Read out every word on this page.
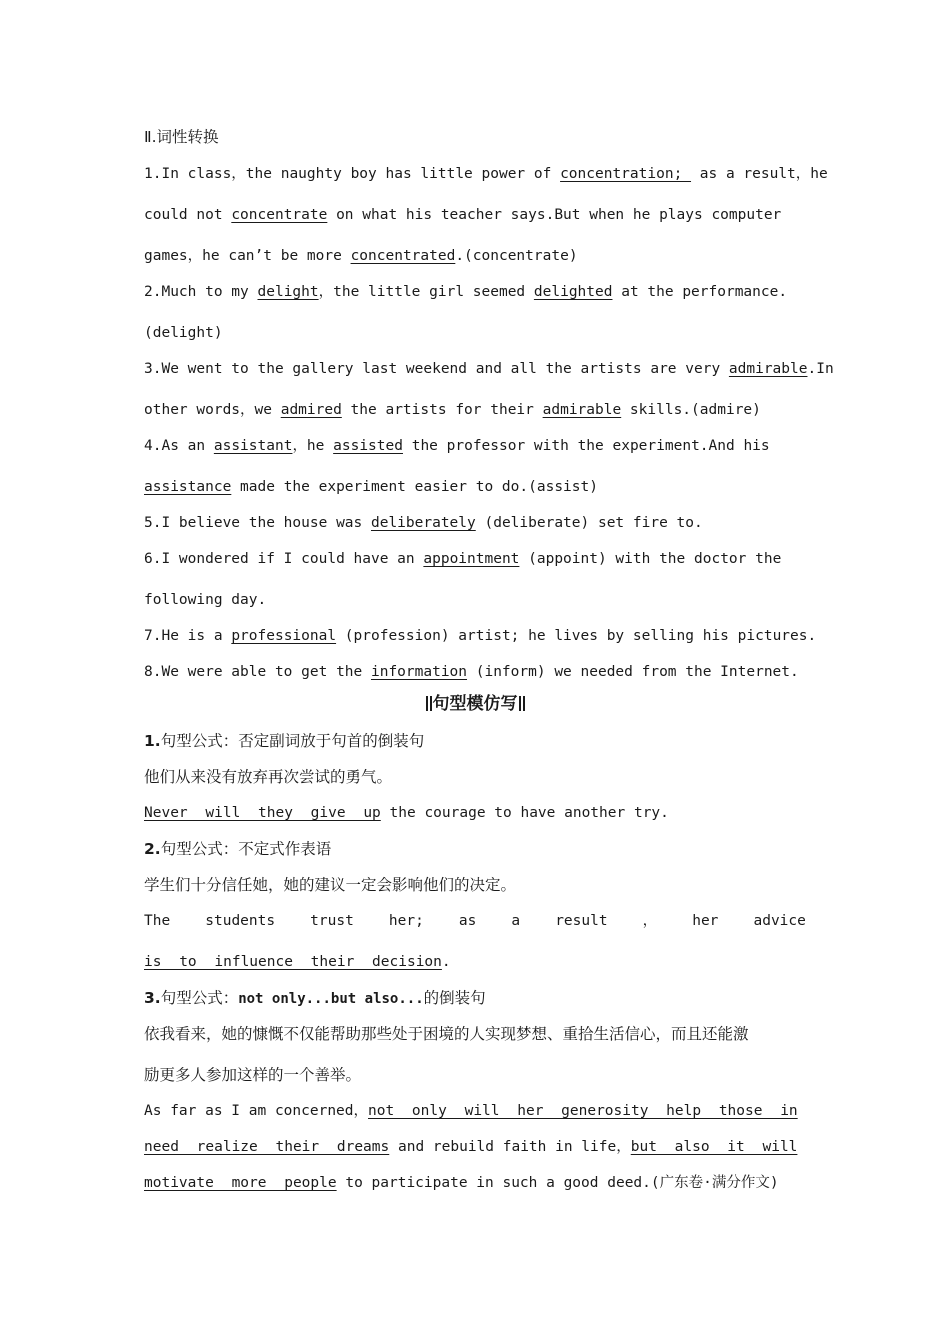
Ⅱ.词性转换
1.In class，the naughty boy has little power of concentration;  as a result，he
could not concentrate on what his teacher says.But when he plays computer
games，he can’t be more concentrated.(concentrate)
2.Much to my delight，the little girl seemed delighted at the performance.
(delight)
3.We went to the gallery last weekend and all the artists are very admirable.In
other words，we admired the artists for their admirable skills.(admire)
4.As an assistant，he assisted the professor with the experiment.And his
assistance made the experiment easier to do.(assist)
5.I believe the house was deliberately (deliberate) set fire to.
6.I wondered if I could have an appointment (appoint) with the doctor the
following day.
7.He is a professional (profession) artist; he lives by selling his pictures.
8.We were able to get the information (inform) we needed from the Internet.
句型模仿写
1.句型公式：否定副词放于句首的倒装句
他们从来没有放弃再次尝试的勇气。
Never will they give up the courage to have another try.
2.句型公式：不定式作表语
学生们十分信任她，她的建议一定会影响他们的决定。
The students trust her; as a result ， her advice
is to influence their decision.
3.句型公式：not only...but also...的倒装句
依我看来，她的慷慨不仅能帮助那些处于困境的人实现梦想、重拾生活信心，而且还能激
励更多人参加这样的一个善举。
As far as I am concerned，not only will her generosity help those in
need realize their dreams and rebuild faith in life，but also it will
motivate more people to participate in such a good deed.(广东卷·满分作文)
